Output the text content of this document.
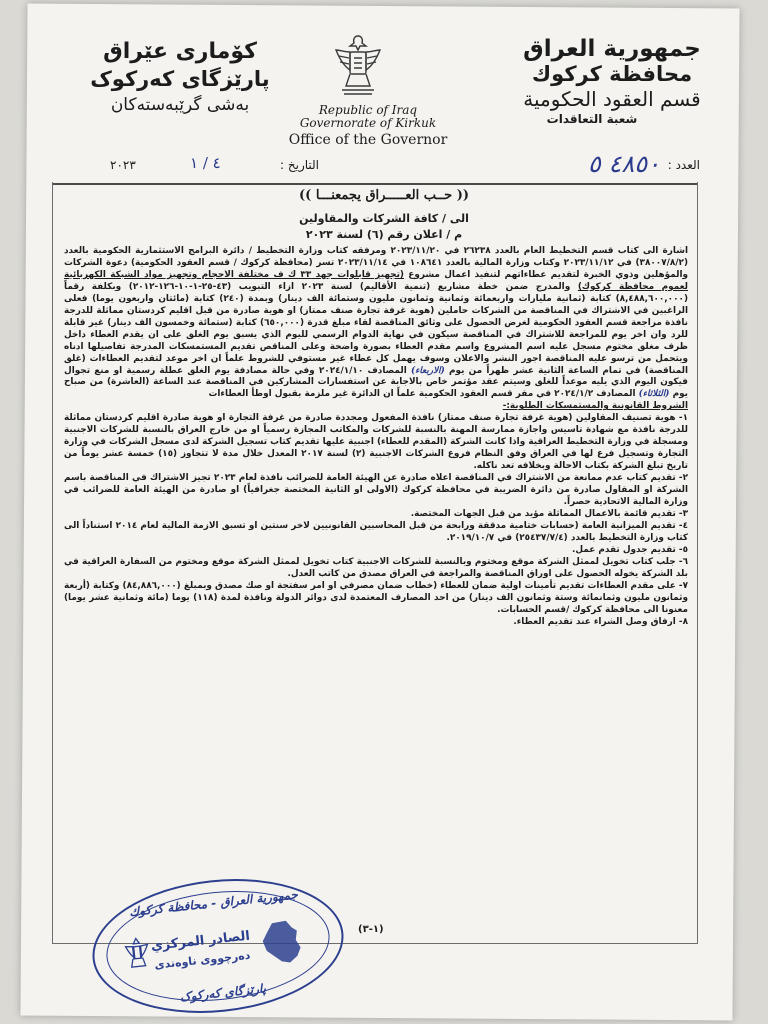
جمهورية العراق
محافظة كركوك
قسم العقود الحكومية
شعبة التعاقدات
کۆماری عێراق
پارێزگای کەرکوک
بەشی گرێبەستەکان	Republic of Iraq
Governorate of Kirkuk
Office of the Governor
العدد :
٤٨٥٠ ٥
التاريخ :
٤ / ١
٢٠٢٣
(( حــب العـــــراق يجمعنـــا ))
الى / كافة الشركات والمقاولين
م / اعلان رقم (٦) لسنة ٢٠٢٣

اشارة الى كتاب قسم التخطيط العام بالعدد ٢٦٢٣٨ في ٢٠٢٣/١١/٢٠ ومرفقه كتاب وزارة التخطيط / دائرة البرامج الاستثمارية الحكومية بالعدد (٣٨٠٠٧/٨/٢) في ٢٠٢٣/١١/١٢ وكتاب وزارة المالية بالعدد ١٠٨٦٤١ في ٢٠٢٣/١١/١٤ تسر (محافظة كركوك / قسم العقود الحكومية) دعوة الشركات والمؤهلين وذوي الخبرة لتقديم عطاءاتهم لتنفيذ اعمال مشروع (تجهيز قابلوات جهد ٣٣ ك ف مختلفة الاحجام وتجهيز مواد الشبكة الكهربائية لعموم محافظة كركوك) والمدرج ضمن خطة مشاريع (تنمية الأقاليم) لسنة ٢٠٢٣ ازاء التبويب (٤٣-٢٥-١-١٠-١٢٦-٢٠١٢) وبكلفة رقماً (٨,٤٨٨,٦٠٠,٠٠٠) كتابة (ثمانية مليارات واربعمائة وثمانية وثمانون مليون وستمائة الف دينار) وبمدة (٢٤٠) كتابة (مائتان واربعون يوما) فعلى الراغبين في الاشتراك في المناقصة من الشركات حاملين (هوية غرفة تجارة صنف ممتاز) او هوية صادرة من قبل اقليم كردستان مماثلة للدرجة نافذة مراجعة قسم العقود الحكومية لغرض الحصول على وثائق المناقصة لقاء مبلغ قدرة (٦٥٠,٠٠٠) كتابة (ستمائة وخمسون الف دينار) غير قابلة للرد وان اخر يوم للمراجعة للاشتراك في المناقصة سيكون في نهاية الدوام الرسمي لليوم الذي يسبق يوم الغلق على ان يقدم العطاء داخل ظرف مغلق مختوم مسجل عليه اسم المشروع واسم مقدم العطاء بصورة واضحة وعلى المناقص تقديم المستمسكات المدرجة تفاصيلها ادناه ويتحمل من ترسو عليه المناقصة اجور النشر والاعلان وسوف يهمل كل عطاء غير مستوفي للشروط علماً ان اخر موعد لتقديم العطاءات (غلق المناقصة) في تمام الساعة الثانية عشر ظهراً من يوم (الاربعاء) المصادف ٢٠٢٤/١/١٠ وفي حالة مصادفة يوم الغلق عطلة رسمية او منع تجوال فيكون اليوم الذي يليه موعداً للغلق وسيتم عقد مؤتمر خاص بالاجابة عن استفسارات المشاركين في المناقصة عند الساعة (العاشرة) من صباح يوم (الثلاثاء) المصادف ٢٠٢٤/١/٢ في مقر قسم العقود الحكومية علماً ان الدائرة غير ملزمة بقبول اوطأ العطاءات

الشروط القانونية والمستمسكات الطلوبة:-

١- هوية تصنيف المقاولين (هوية غرفة تجارة صنف ممتاز) نافذة المفعول ومجددة صادرة من غرفة التجارة او هوية صادرة اقليم كردستان مماثلة للدرجة نافذة مع شهادة تاسيس واجازة ممارسة المهنة بالنسبة للشركات والمكاتب المجازة رسمياً او من خارج العراق بالنسبة للشركات الاجنبية ومسجلة في وزارة التخطيط العراقية واذا كانت الشركة (المقدم للعطاء) اجنبية عليها تقديم كتاب تسجيل الشركة لدى مسجل الشركات في وزارة التجارة وتسجيل فرع لها في العراق وفق النظام فروع الشركات الاجنبية (٢) لسنة ٢٠١٧ المعدل خلال مدة لا تتجاوز (١٥) خمسة عشر يوماً من تاريخ تبلغ الشركة بكتاب الاحالة وبخلافه تعد ناكله.

٢- تقديم كتاب عدم ممانعة من الاشتراك في المناقصة اعلاه صادرة عن الهيئة العامة للضرائب نافذة لعام ٢٠٢٣ تجيز الاشتراك في المناقصة باسم الشركة او المقاول صادرة من دائرة الضريبة في محافظة كركوك (الاولى او الثانية المختصة جغرافياً) او صادرة من الهيئة العامة للضرائب في وزارة المالية الاتحادية حصراً.

٣- تقديم قائمة بالاعمال المماثلة مؤيد من قبل الجهات المختصة.

٤- تقديم الميزانية العامة (حسابات ختامية مدققة ورابحة من قبل المحاسبين القانونيين لاخر سنتين او تسبق الازمة المالية لعام ٢٠١٤ استناداً الى كتاب وزارة التخطيط بالعدد (٢٥٤٣٧/٧/٤) في ٢٠١٩/١٠/٧.

٥- تقديم جدول تقدم عمل.

٦- جلب كتاب تخويل لممثل الشركة موقع ومختوم وبالنسبة للشركات الاجنبية كتاب تخويل لممثل الشركة موقع ومختوم من السفارة العراقية في بلد الشركة يخوله الحصول على اوراق المناقصة والمراجعة في العراق مصدق من كاتب العدل.

٧- على مقدم العطاءات تقديم تأمينات اولية ضمان للعطاء (خطاب ضمان مصرفي او امر سفتجة او صك مصدق وبمبلغ (٨٤,٨٨٦,٠٠٠) وكتابة (أربعة وثمانون مليون وثمانمائة وستة وثمانون الف دينار) من احد المصارف المعتمدة لدى دوائر الدولة ونافذة لمدة (١١٨) يوما (مائة وثمانية عشر يوما) معنونا الى محافظة كركوك /قسم الحسابات.

٨- ارفاق وصل الشراء عند تقديم العطاء.

(١-٣)
جمهورية العراق - محافظة كركوك
الصادر المركزي
دەرچووی ناوەندی
پارێزگای کەرکوک
